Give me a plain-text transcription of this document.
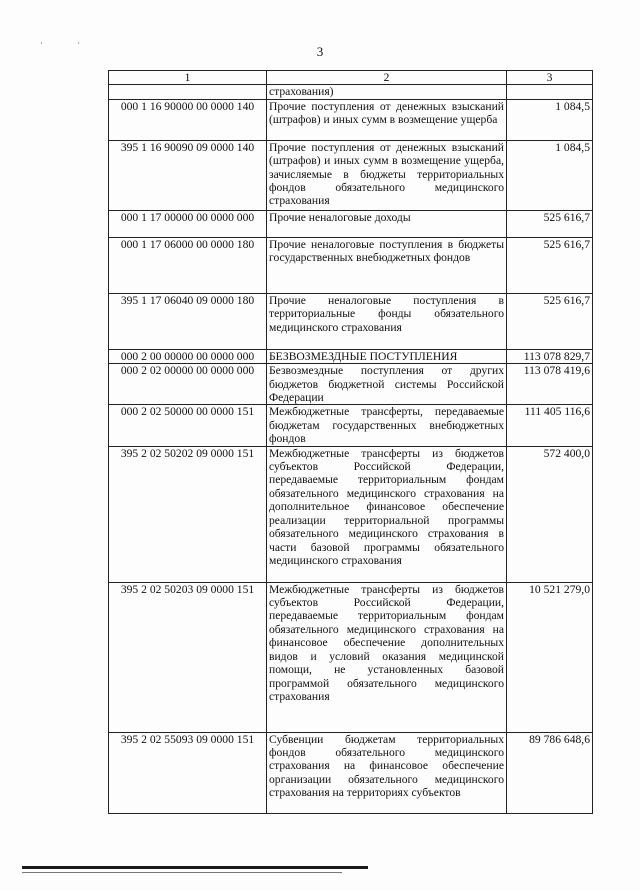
· ·
3
1	2	3
	страхования)	
000 1 16 90000 00 0000 140	Прочие поступления от денежных взысканий (штрафов) и иных сумм в возмещение ущерба	1 084,5
395 1 16 90090 09 0000 140	Прочие поступления от денежных взысканий (штрафов) и иных сумм в возмещение ущерба, зачисляемые в бюджеты территориальных фондов обязательного медицинского страхования	1 084,5
000 1 17 00000 00 0000 000	Прочие неналоговые доходы	525 616,7
000 1 17 06000 00 0000 180	Прочие неналоговые поступления в бюджеты государственных внебюджетных фондов	525 616,7
395 1 17 06040 09 0000 180	Прочие неналоговые поступления в территориальные фонды обязательного медицинского страхования	525 616,7
000 2 00 00000 00 0000 000	БЕЗВОЗМЕЗДНЫЕ ПОСТУПЛЕНИЯ	113 078 829,7
000 2 02 00000 00 0000 000	Безвозмездные поступления от других бюджетов бюджетной системы Российской Федерации	113 078 419,6
000 2 02 50000 00 0000 151	Межбюджетные трансферты, передаваемые бюджетам государственных внебюджетных фондов	111 405 116,6
395 2 02 50202 09 0000 151	Межбюджетные трансферты из бюджетов субъектов Российской Федерации, передаваемые территориальным фондам обязательного медицинского страхования на дополнительное финансовое обеспечение реализации территориальной программы обязательного медицинского страхования в части базовой программы обязательного медицинского страхования	572 400,0
395 2 02 50203 09 0000 151	Межбюджетные трансферты из бюджетов субъектов Российской Федерации, передаваемые территориальным фондам обязательного медицинского страхования на финансовое обеспечение дополнительных видов и условий оказания медицинской помощи, не установленных базовой программой обязательного медицинского страхования	10 521 279,0
395 2 02 55093 09 0000 151	Субвенции бюджетам территориальных фондов обязательного медицинского страхования на финансовое обеспечение организации обязательного медицинского страхования на территориях субъектов	89 786 648,6
